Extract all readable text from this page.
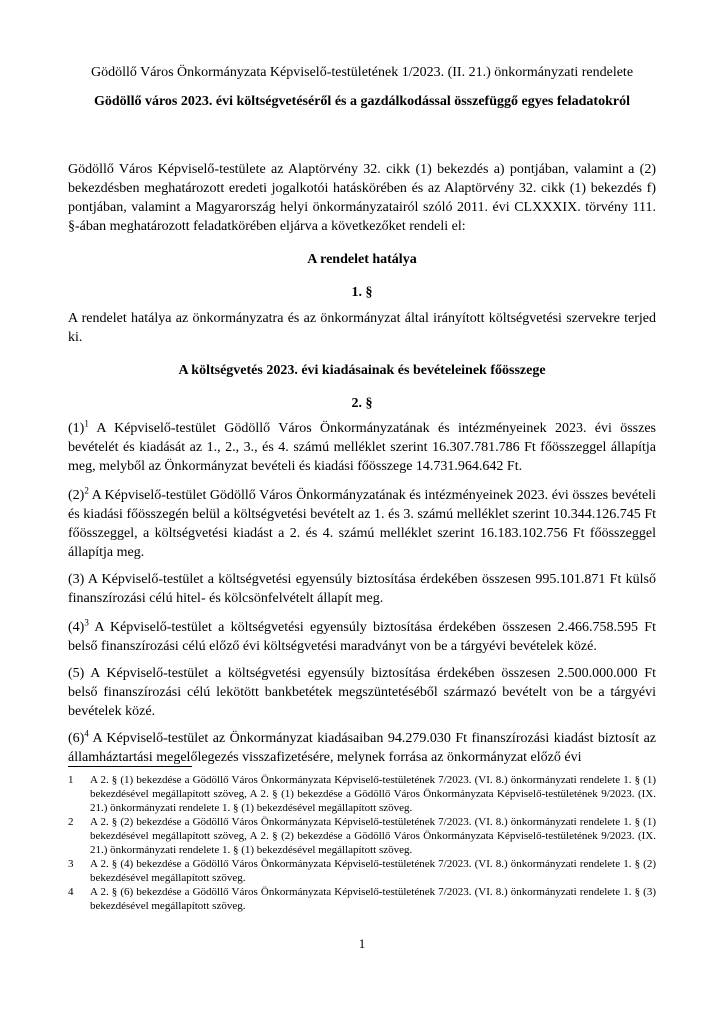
Gödöllő Város Önkormányzata Képviselő-testületének 1/2023. (II. 21.) önkormányzati rendelete

Gödöllő város 2023. évi költségvetéséről és a gazdálkodással összefüggő egyes feladatokról

Gödöllő Város Képviselő-testülete az Alaptörvény 32. cikk (1) bekezdés a) pontjában, valamint a (2) bekezdésben meghatározott eredeti jogalkotói hatáskörében és az Alaptörvény 32. cikk (1) bekezdés f) pontjában, valamint a Magyarország helyi önkormányzatairól szóló 2011. évi CLXXXIX. törvény 111. §-ában meghatározott feladatkörében eljárva a következőket rendeli el:

A rendelet hatálya

1. §

A rendelet hatálya az önkormányzatra és az önkormányzat által irányított költségvetési szervekre terjed ki.

A költségvetés 2023. évi kiadásainak és bevételeinek főösszege

2. §

(1)$^1$ A Képviselő-testület Gödöllő Város Önkormányzatának és intézményeinek 2023. évi összes bevételét és kiadását az 1., 2., 3., és 4. számú melléklet szerint 16.307.781.786 Ft főösszeggel állapítja meg, melyből az Önkormányzat bevételi és kiadási főösszege 14.731.964.642 Ft.

(2)$^2$ A Képviselő-testület Gödöllő Város Önkormányzatának és intézményeinek 2023. évi összes bevételi és kiadási főösszegén belül a költségvetési bevételt az 1. és 3. számú melléklet szerint 10.344.126.745 Ft főösszeggel, a költségvetési kiadást a 2. és 4. számú melléklet szerint 16.183.102.756 Ft főösszeggel állapítja meg.

(3) A Képviselő-testület a költségvetési egyensúly biztosítása érdekében összesen 995.101.871 Ft külső finanszírozási célú hitel- és kölcsönfelvételt állapít meg.

(4)$^3$ A Képviselő-testület a költségvetési egyensúly biztosítása érdekében összesen 2.466.758.595 Ft belső finanszírozási célú előző évi költségvetési maradványt von be a tárgyévi bevételek közé.

(5) A Képviselő-testület a költségvetési egyensúly biztosítása érdekében összesen 2.500.000.000 Ft belső finanszírozási célú lekötött bankbetétek megszüntetéséből származó bevételt von be a tárgyévi bevételek közé.

(6)$^4$ A Képviselő-testület az Önkormányzat kiadásaiban 94.279.030 Ft finanszírozási kiadást biztosít az államháztartási megelőlegezés visszafizetésére, melynek forrása az önkormányzat előző évi

1	A 2. § (1) bekezdése a Gödöllő Város Önkormányzata Képviselő-testületének 7/2023. (VI. 8.) önkormányzati rendelete 1. § (1) bekezdésével megállapított szöveg, A 2. § (1) bekezdése a Gödöllő Város Önkormányzata Képviselő-testületének 9/2023. (IX. 21.) önkormányzati rendelete 1. § (1) bekezdésével megállapított szöveg.
2	A 2. § (2) bekezdése a Gödöllő Város Önkormányzata Képviselő-testületének 7/2023. (VI. 8.) önkormányzati rendelete 1. § (1) bekezdésével megállapított szöveg, A 2. § (2) bekezdése a Gödöllő Város Önkormányzata Képviselő-testületének 9/2023. (IX. 21.) önkormányzati rendelete 1. § (1) bekezdésével megállapított szöveg.
3	A 2. § (4) bekezdése a Gödöllő Város Önkormányzata Képviselő-testületének 7/2023. (VI. 8.) önkormányzati rendelete 1. § (2) bekezdésével megállapított szöveg.
4	A 2. § (6) bekezdése a Gödöllő Város Önkormányzata Képviselő-testületének 7/2023. (VI. 8.) önkormányzati rendelete 1. § (3) bekezdésével megállapított szöveg.
1
